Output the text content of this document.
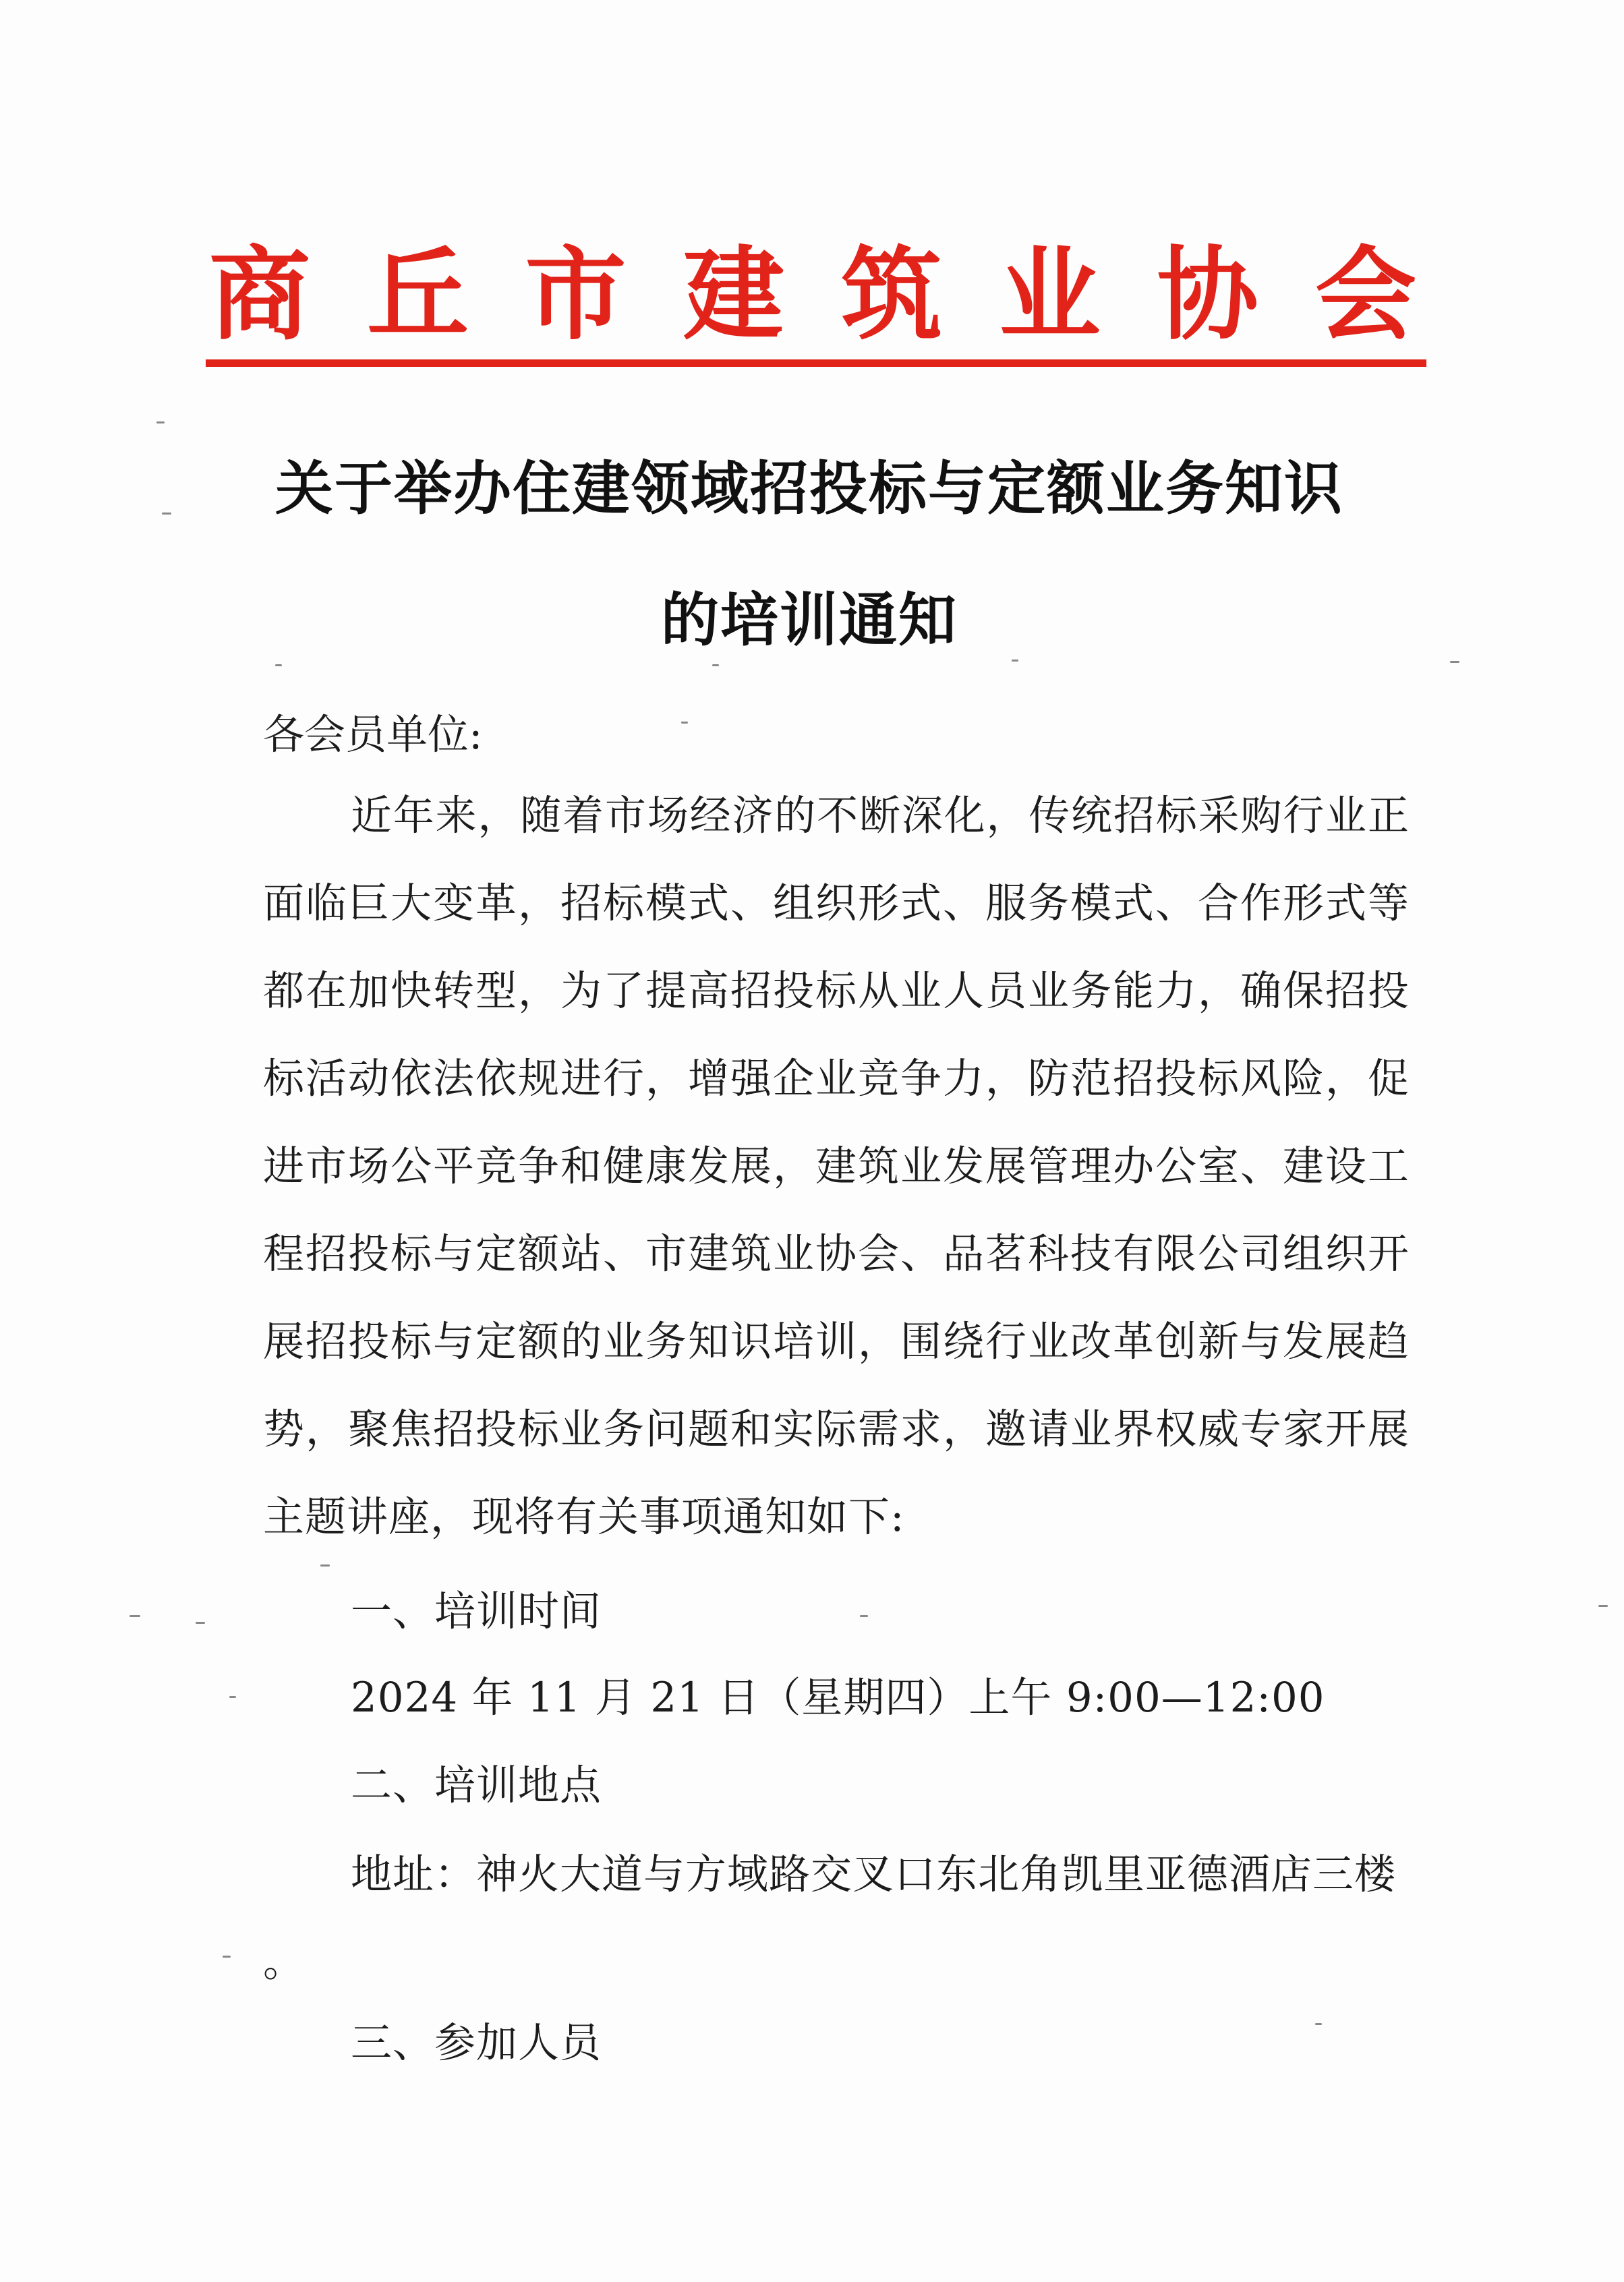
商 丘 市 建 筑 业 协 会
关于举办住建领域招投标与定额业务知识
的培训通知
各会员单位:
近年来，随着市场经济的不断深化，传统招标采购行业正面临巨大变革，招标模式、组织形式、服务模式、合作形式等都在加快转型，为了提高招投标从业人员业务能力，确保招投标活动依法依规进行，增强企业竞争力，防范招投标风险，促进市场公平竞争和健康发展，建筑业发展管理办公室、建设工程招投标与定额站、市建筑业协会、品茗科技有限公司组织开展招投标与定额的业务知识培训，围绕行业改革创新与发展趋势，聚焦招投标业务问题和实际需求，邀请业界权威专家开展主题讲座，现将有关事项通知如下:
一、培训时间
2024 年 11 月 21 日（星期四）上午 9:00—12:00
二、培训地点
地址：神火大道与方域路交叉口东北角凯里亚德酒店三楼 。
三、参加人员
